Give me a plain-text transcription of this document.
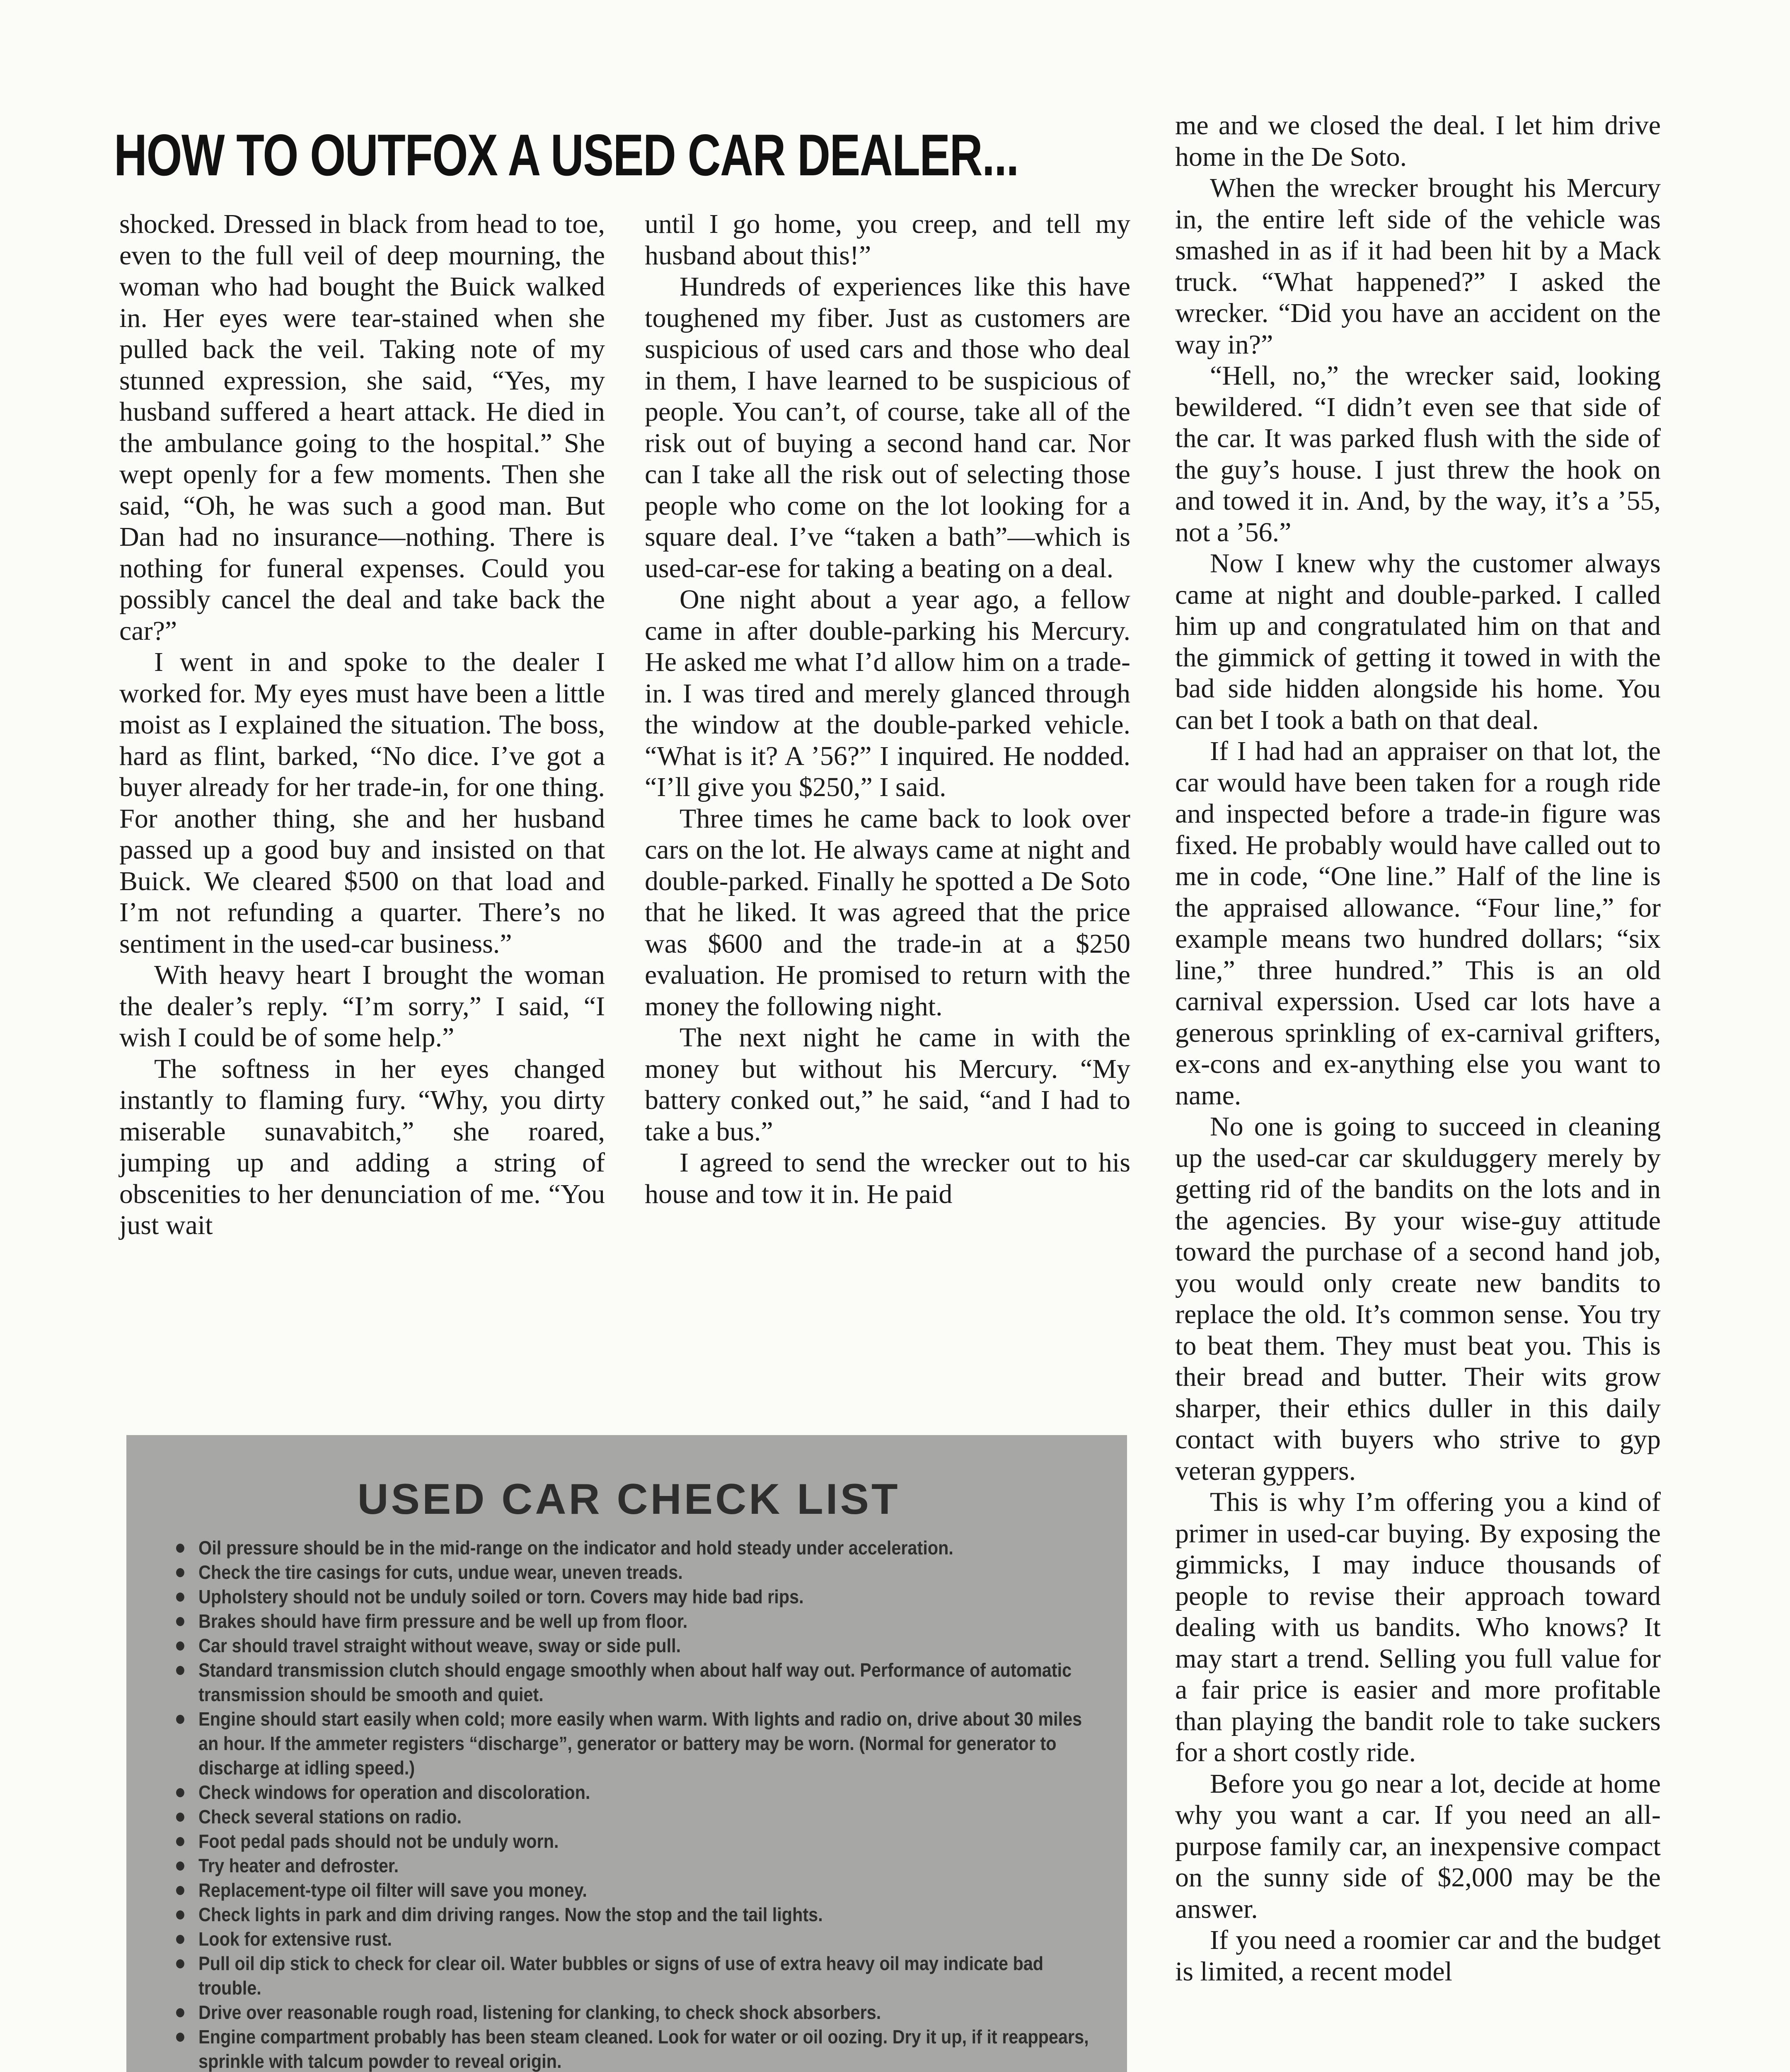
HOW TO OUTFOX A USED CAR DEALER...

shocked. Dressed in black from head to toe, even to the full veil of deep mourning, the woman who had bought the Buick walked in. Her eyes were tear-stained when she pulled back the veil. Taking note of my stunned expression, she said, “Yes, my husband suffered a heart attack. He died in the ambulance going to the hospital.” She wept openly for a few moments. Then she said, “Oh, he was such a good man. But Dan had no insurance—nothing. There is nothing for funeral expenses. Could you possibly cancel the deal and take back the car?”

I went in and spoke to the dealer I worked for. My eyes must have been a little moist as I explained the situation. The boss, hard as flint, barked, “No dice. I’ve got a buyer already for her trade-in, for one thing. For another thing, she and her husband passed up a good buy and insisted on that Buick. We cleared $500 on that load and I’m not refunding a quarter. There’s no sentiment in the used-car business.”

With heavy heart I brought the woman the dealer’s reply. “I’m sorry,” I said, “I wish I could be of some help.”

The softness in her eyes changed instantly to flaming fury. “Why, you dirty miserable sunavabitch,” she roared, jumping up and adding a string of obscenities to her denunciation of me. “You just wait

until I go home, you creep, and tell my husband about this!”

Hundreds of experiences like this have toughened my fiber. Just as customers are suspicious of used cars and those who deal in them, I have learned to be suspicious of people. You can’t, of course, take all of the risk out of buying a second hand car. Nor can I take all the risk out of selecting those people who come on the lot looking for a square deal. I’ve “taken a bath”—which is used-car-ese for taking a beating on a deal.

One night about a year ago, a fellow came in after double-parking his Mercury. He asked me what I’d allow him on a trade-in. I was tired and merely glanced through the window at the double-parked vehicle. “What is it? A ’56?” I inquired. He nodded. “I’ll give you $250,” I said.

Three times he came back to look over cars on the lot. He always came at night and double-parked. Finally he spotted a De Soto that he liked. It was agreed that the price was $600 and the trade-in at a $250 evaluation. He promised to return with the money the following night.

The next night he came in with the money but without his Mercury. “My battery conked out,” he said, “and I had to take a bus.”

I agreed to send the wrecker out to his house and tow it in. He paid

me and we closed the deal. I let him drive home in the De Soto.

When the wrecker brought his Mercury in, the entire left side of the vehicle was smashed in as if it had been hit by a Mack truck. “What happened?” I asked the wrecker. “Did you have an accident on the way in?”

“Hell, no,” the wrecker said, looking bewildered. “I didn’t even see that side of the car. It was parked flush with the side of the guy’s house. I just threw the hook on and towed it in. And, by the way, it’s a ’55, not a ’56.”

Now I knew why the customer always came at night and double-parked. I called him up and congratulated him on that and the gimmick of getting it towed in with the bad side hidden alongside his home. You can bet I took a bath on that deal.

If I had had an appraiser on that lot, the car would have been taken for a rough ride and inspected before a trade-in figure was fixed. He probably would have called out to me in code, “One line.” Half of the line is the appraised allowance. “Four line,” for example means two hundred dollars; “six line,” three hundred.” This is an old carnival experssion. Used car lots have a generous sprinkling of ex-carnival grifters, ex-cons and ex-anything else you want to name.

No one is going to succeed in cleaning up the used-car car skulduggery merely by getting rid of the bandits on the lots and in the agencies. By your wise-guy attitude toward the purchase of a second hand job, you would only create new bandits to replace the old. It’s common sense. You try to beat them. They must beat you. This is their bread and butter. Their wits grow sharper, their ethics duller in this daily contact with buyers who strive to gyp veteran gyppers.

This is why I’m offering you a kind of primer in used-car buying. By exposing the gimmicks, I may induce thousands of people to revise their approach toward dealing with us bandits. Who knows? It may start a trend. Selling you full value for a fair price is easier and more profitable than playing the bandit role to take suckers for a short costly ride.

Before you go near a lot, decide at home why you want a car. If you need an all-purpose family car, an inexpensive compact on the sunny side of $2,000 may be the answer.

If you need a roomier car and the budget is limited, a recent model

USED CAR CHECK LIST
Oil pressure should be in the mid-range on the indicator and hold steady under acceleration.
Check the tire casings for cuts, undue wear, uneven treads.
Upholstery should not be unduly soiled or torn. Covers may hide bad rips.
Brakes should have firm pressure and be well up from floor.
Car should travel straight without weave, sway or side pull.
Standard transmission clutch should engage smoothly when about half way out. Performance of automatic transmission should be smooth and quiet.
Engine should start easily when cold; more easily when warm. With lights and radio on, drive about 30 miles an hour. If the ammeter registers “discharge”, generator or battery may be worn. (Normal for generator to discharge at idling speed.)
Check windows for operation and discoloration.
Check several stations on radio.
Foot pedal pads should not be unduly worn.
Try heater and defroster.
Replacement-type oil filter will save you money.
Check lights in park and dim driving ranges. Now the stop and the tail lights.
Look for extensive rust.
Pull oil dip stick to check for clear oil. Water bubbles or signs of use of extra heavy oil may indicate bad trouble.
Drive over reasonable rough road, listening for clanking, to check shock absorbers.
Engine compartment probably has been steam cleaned. Look for water or oil oozing. Dry it up, if it reappears, sprinkle with talcum powder to reveal origin.
